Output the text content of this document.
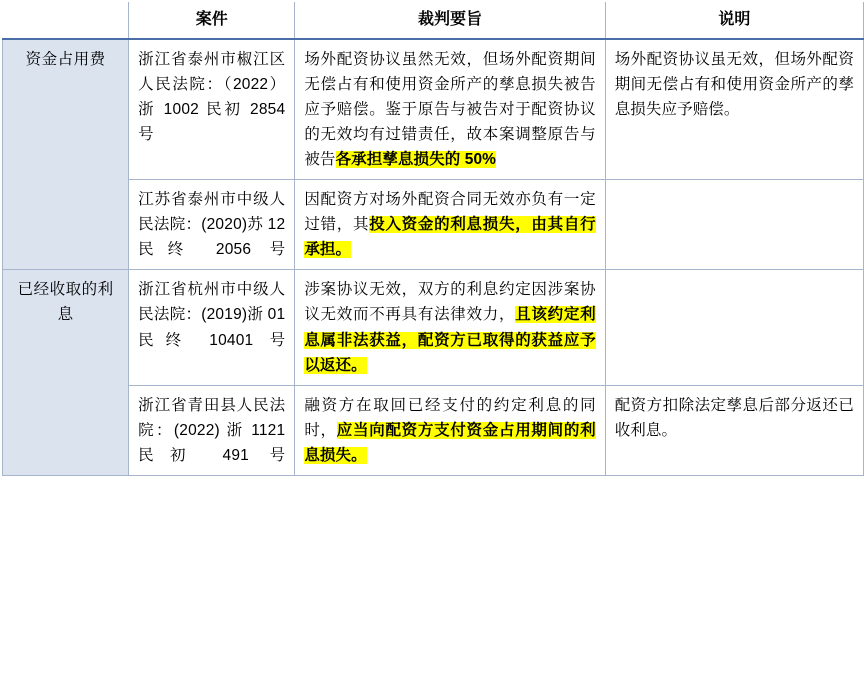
	案件	裁判要旨	说明
资金占用费	浙江省泰州市椒江区人民法院：（2022）浙 1002 民初 2854 号	场外配资协议虽然无效，但场外配资期间无偿占有和使用资金所产的孳息损失被告应予赔偿。鉴于原告与被告对于配资协议的无效均有过错责任，故本案调整原告与被告各承担孳息损失的 50%	场外配资协议虽无效，但场外配资期间无偿占有和使用资金所产的孳息损失应予赔偿。
	江苏省泰州市中级人民法院：(2020)苏 12 民终 2056 号	因配资方对场外配资合同无效亦负有一定过错，其投入资金的利息损失，由其自行承担。	
已经收取的利息	浙江省杭州市中级人民法院：(2019)浙 01 民终 10401 号	涉案协议无效，双方的利息约定因涉案协议无效而不再具有法律效力，且该约定利息属非法获益，配资方已取得的获益应予以返还。	
	浙江省青田县人民法院：(2022) 浙 1121 民初 491 号	融资方在取回已经支付的约定利息的同时，应当向配资方支付资金占用期间的利息损失。	配资方扣除法定孳息后部分返还已收利息。
